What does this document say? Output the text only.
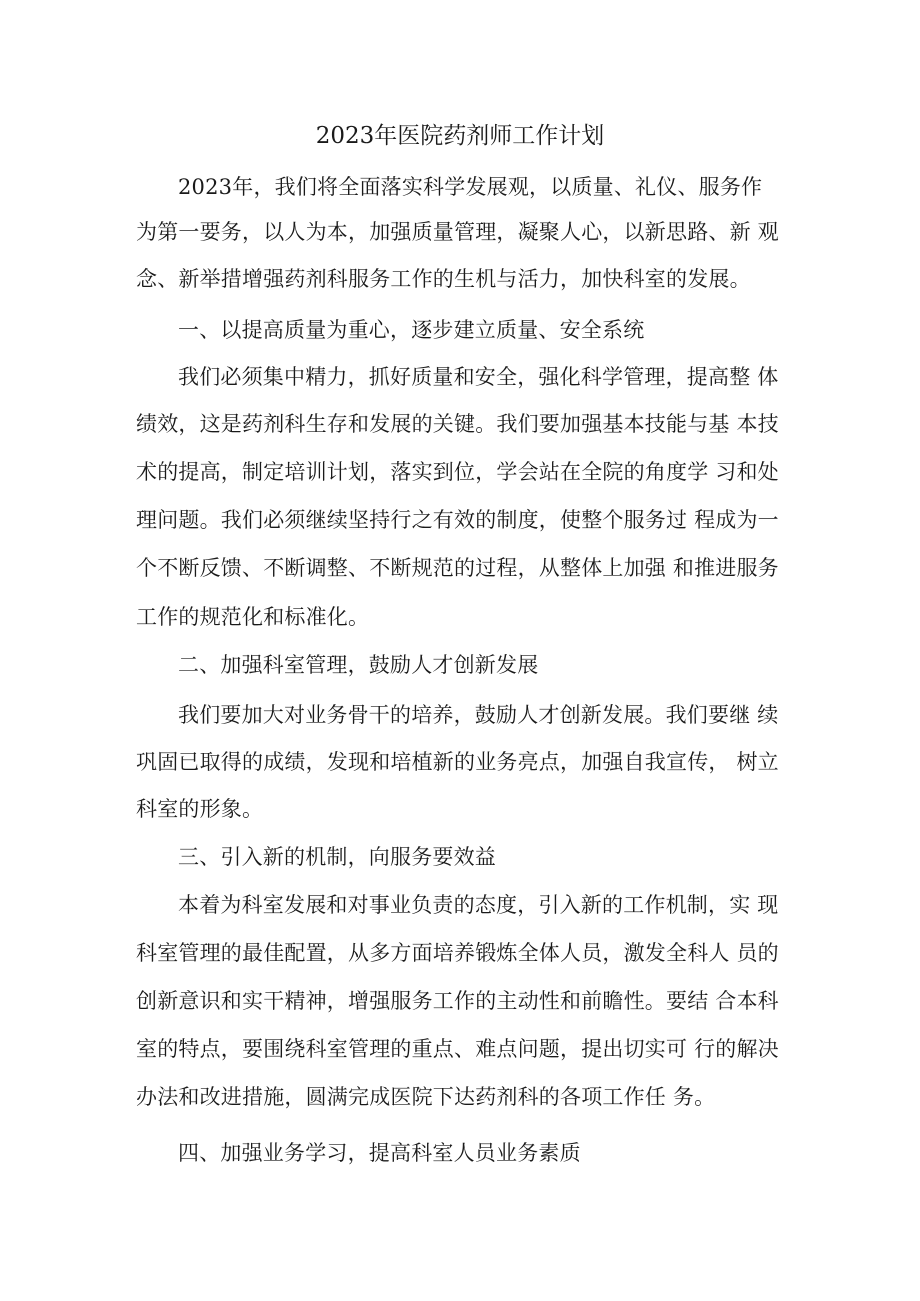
2023年医院药剂师工作计划
2023年，我们将全面落实科学发展观，以质量、礼仪、服务作
为第一要务，以人为本，加强质量管理，凝聚人心，以新思路、新 观
念、新举措增强药剂科服务工作的生机与活力，加快科室的发展。
一、以提高质量为重心，逐步建立质量、安全系统
我们必须集中精力，抓好质量和安全，强化科学管理，提高整 体
绩效，这是药剂科生存和发展的关键。我们要加强基本技能与基 本技
术的提高，制定培训计划，落实到位，学会站在全院的角度学 习和处
理问题。我们必须继续坚持行之有效的制度，使整个服务过 程成为一
个不断反馈、不断调整、不断规范的过程，从整体上加强 和推进服务
工作的规范化和标准化。
二、加强科室管理，鼓励人才创新发展
我们要加大对业务骨干的培养，鼓励人才创新发展。我们要继 续
巩固已取得的成绩，发现和培植新的业务亮点，加强自我宣传， 树立
科室的形象。
三、引入新的机制，向服务要效益
本着为科室发展和对事业负责的态度，引入新的工作机制，实 现
科室管理的最佳配置，从多方面培养锻炼全体人员，激发全科人 员的
创新意识和实干精神，增强服务工作的主动性和前瞻性。要结 合本科
室的特点，要围绕科室管理的重点、难点问题，提出切实可 行的解决
办法和改进措施，圆满完成医院下达药剂科的各项工作任 务。
四、加强业务学习，提高科室人员业务素质
